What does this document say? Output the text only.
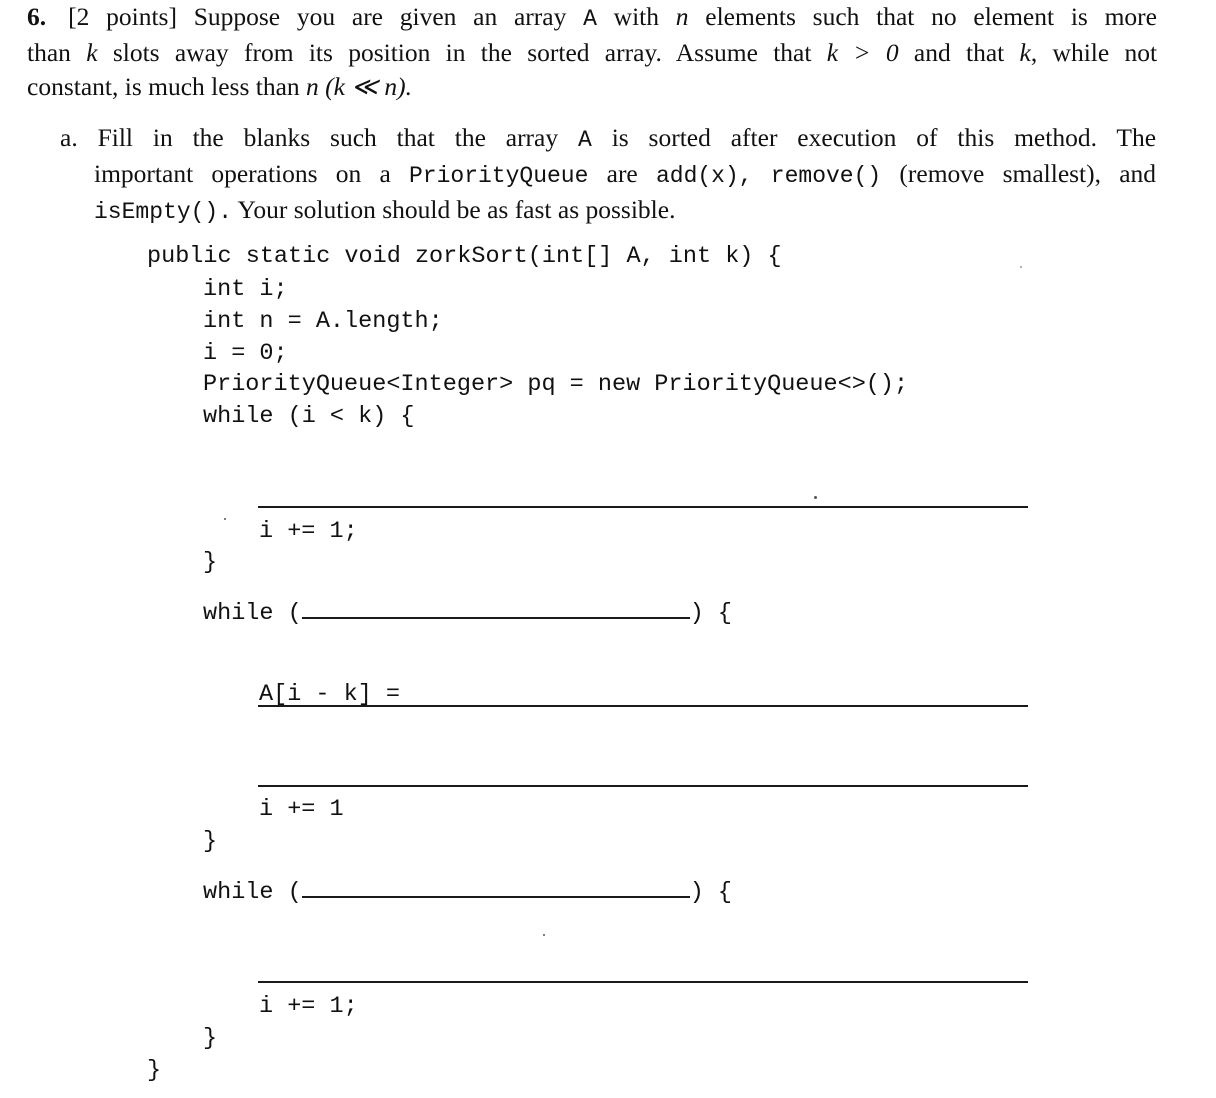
6. [2 points] Suppose you are given an array A with n elements such that no element is more
than k slots away from its position in the sorted array. Assume that k > 0 and that k, while not
constant, is much less than n (k ≪ n).
a. Fill in the blanks such that the array A is sorted after execution of this method. The
important operations on a PriorityQueue are add(x), remove() (remove smallest), and
isEmpty(). Your solution should be as fast as possible.
public static void zorkSort(int[] A, int k) {
int i;
int n = A.length;
i = 0;
PriorityQueue<Integer> pq = new PriorityQueue<>();
while (i < k) {
i += 1;
}
while (	) {
A[i - k] =
i += 1
}
while (	) {
i += 1;
}
}
